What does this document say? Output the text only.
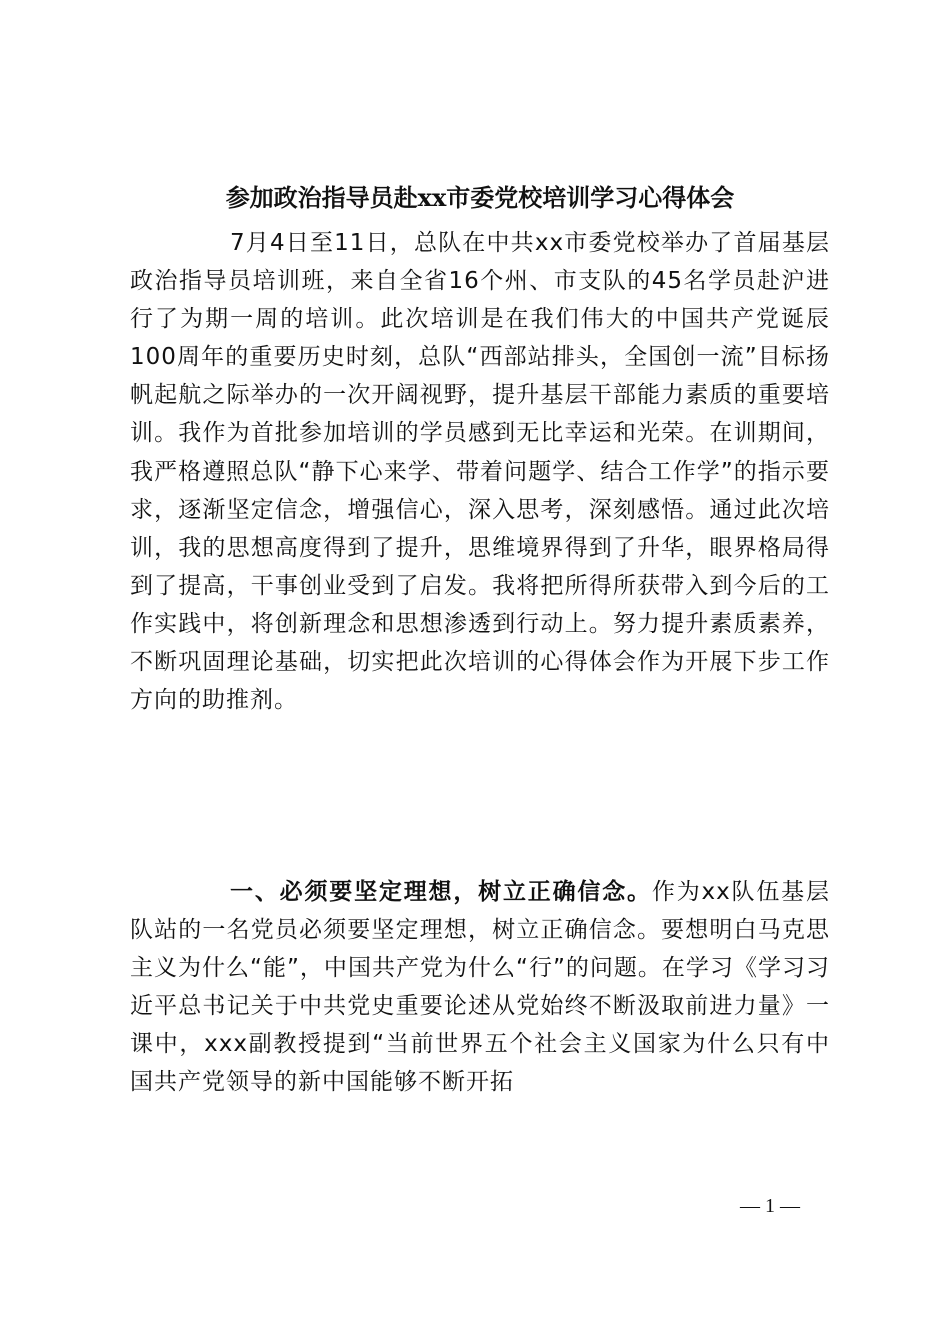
参加政治指导员赴xx市委党校培训学习心得体会

7月4日至11日，总队在中共xx市委党校举办了首届基层政治指导员培训班，来自全省16个州、市支队的45名学员赴沪进行了为期一周的培训。此次培训是在我们伟大的中国共产党诞辰100周年的重要历史时刻，总队“西部站排头，全国创一流”目标扬帆起航之际举办的一次开阔视野，提升基层干部能力素质的重要培训。我作为首批参加培训的学员感到无比幸运和光荣。在训期间，我严格遵照总队“静下心来学、带着问题学、结合工作学”的指示要求，逐渐坚定信念，增强信心，深入思考，深刻感悟。通过此次培训，我的思想高度得到了提升，思维境界得到了升华，眼界格局得到了提高，干事创业受到了启发。我将把所得所获带入到今后的工作实践中，将创新理念和思想渗透到行动上。努力提升素质素养，不断巩固理论基础，切实把此次培训的心得体会作为开展下步工作方向的助推剂。

一、必须要坚定理想，树立正确信念。作为xx队伍基层队站的一名党员必须要坚定理想，树立正确信念。要想明白马克思主义为什么“能”，中国共产党为什么“行”的问题。在学习《学习习近平总书记关于中共党史重要论述从党始终不断汲取前进力量》一课中，xxx副教授提到“当前世界五个社会主义国家为什么只有中国共产党领导的新中国能够不断开拓

— 1 —
